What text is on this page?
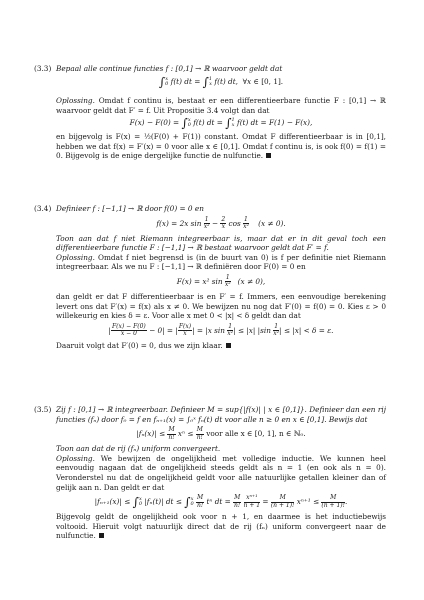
(3.3) Bepaal alle continue functies f : [0,1] → ℝ waarvoor geldt dat

∫ x
0 f(t) dt = ∫ 1
x f(t) dt,  ∀x ∈ [0, 1].

Oplossing. Omdat f continu is, bestaat er een differentieerbare functie F : [0,1] → ℝ waarvoor geldt dat F′ = f. Uit Propositie 3.4 volgt dan dat

F(x) − F(0) = ∫ x
0 f(t) dt = ∫ 1
x f(t) dt = F(1) − F(x),

en bijgevolg is F(x) = ½(F(0) + F(1)) constant. Omdat F differentieerbaar is in [0,1], hebben we dat f(x) = F′(x) = 0 voor alle x ∈ [0,1]. Omdat f continu is, is ook f(0) = f(1) = 0. Bijgevolg is de enige dergelijke functie de nulfunctie.

(3.4) Definieer f : [−1,1] → ℝ door f(0) = 0 en

f(x) = 2x $\sin \frac{1}{\text{x²}} - \frac{2}{x}$ $\cos \frac{1}{\text{x²}} (x \ne 0)$.

Toon aan dat f niet Riemann integreerbaar is, maar dat er in dit geval toch een differentieerbare functie F : [−1,1] → ℝ bestaat waarvoor geldt dat F′ = f.

Oplossing. Omdat f niet begrensd is (in de buurt van 0) is f per definitie niet Riemann integreerbaar. Als we nu F : [−1,1] → ℝ definiëren door F(0) = 0 en

F(x) = x² $\sin \frac{1}{\text{x²}} (x \ne 0)$,

dan geldt er dat F differentieerbaar is en F′ = f. Immers, een eenvoudige berekening levert ons dat F′(x) = f(x) als x ≠ 0. We bewijzen nu nog dat F′(0) = f(0) = 0. Kies ε > 0 willekeurig en kies δ = ε. Voor alle x met 0 < |x| < δ geldt dan dat

| $\frac{F(x) - F(0)}{x - 0} - 0|$ = | $\frac{F(x)}{x}$ | = |x $\sin \frac{1}{\text{x²}}$ | ≤ |x| $|\sin \frac{1}{\text{x²}}$ | ≤ |x| < δ = ε.

Daaruit volgt dat F′(0) = 0, dus we zijn klaar.

(3.5) Zij f : [0,1] → ℝ integreerbaar. Definieer M = sup{|f(x)| | x ∈ [0,1]}. Definieer dan een rij functies (fₙ) door f₀ = f en fₙ₊₁(x) = ∫₀ˣ fₙ(t) dt voor alle n ≥ 0 en x ∈ [0,1]. Bewijs dat

$|f_n(x)| \le \frac{M}{n!}$ $x^n \le \frac{M}{n!}$ voor alle x ∈ [0, 1], n ∈ ℕ₀.

Toon aan dat de rij (fₙ) uniform convergeert.

Oplossing. We bewijzen de ongelijkheid met volledige inductie. We kunnen heel eenvoudig nagaan dat de ongelijkheid steeds geldt als n = 1 (en ook als n = 0). Veronderstel nu dat de ongelijkheid geldt voor alle natuurlijke getallen kleiner dan of gelijk aan n. Dan geldt er dat

|fₙ₊₁(x)| ≤ ∫ x
0 |fₙ(t)| dt ≤ ∫ x
0
$\frac{M}{n!}$ tⁿ dt = $\frac{M}{n!}$
$\frac{\text{xⁿ⁺¹}}{n + 1} = \frac{M}{(n + 1)!} x^{n+1} \le \frac{M}{(n + 1)!}$ .

Bijgevolg geldt de ongelijkheid ook voor n + 1, en daarmee is het inductiebewijs voltooid. Hieruit volgt natuurlijk direct dat de rij (fₙ) uniform convergeert naar de nulfunctie.
